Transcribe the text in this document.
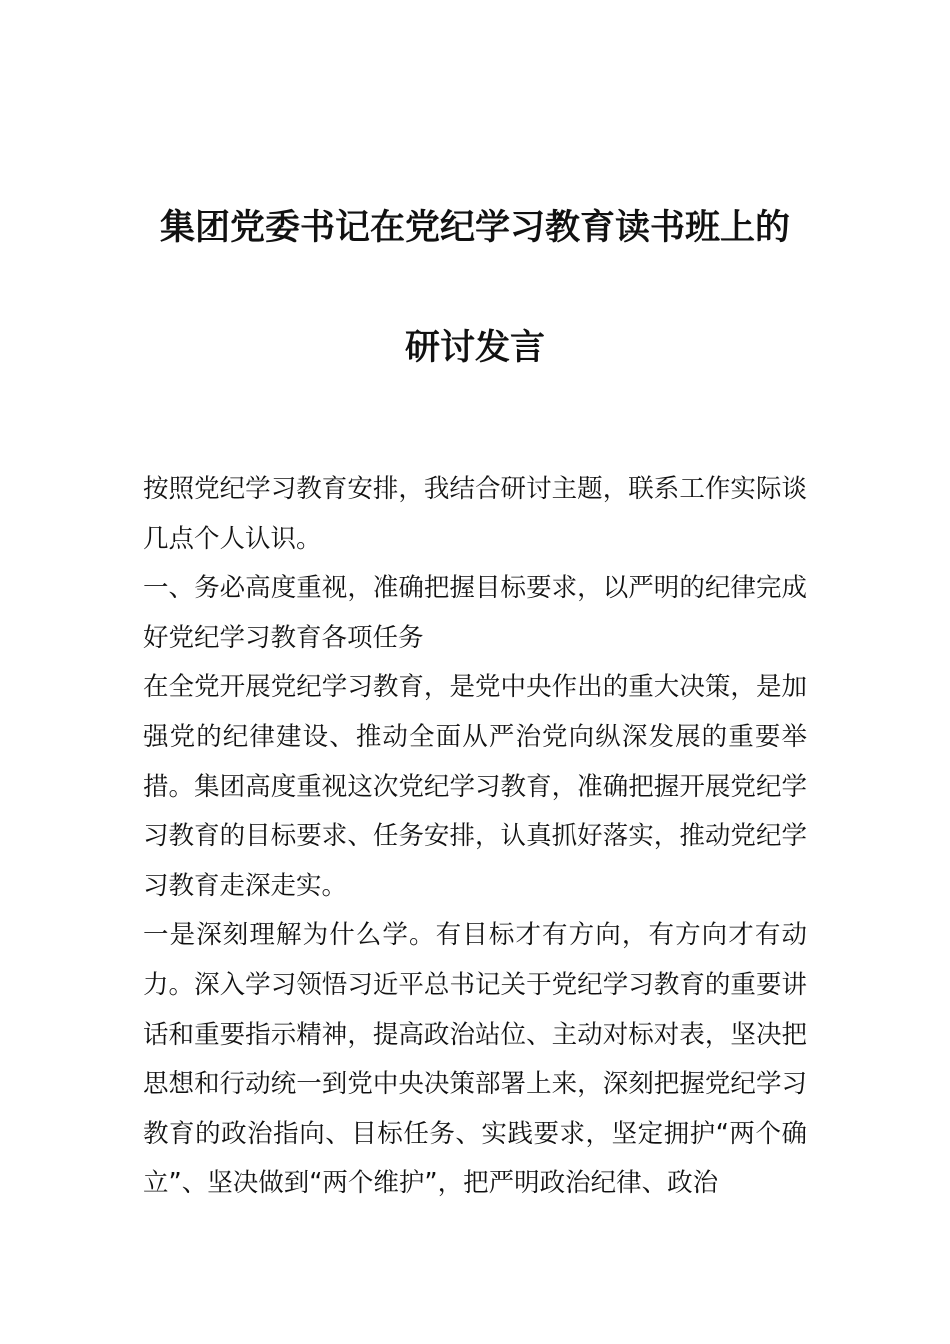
集团党委书记在党纪学习教育读书班上的
研讨发言

按照党纪学习教育安排，我结合研讨主题，联系工作实际谈几点个人认识。

一、务必高度重视，准确把握目标要求，以严明的纪律完成好党纪学习教育各项任务

在全党开展党纪学习教育，是党中央作出的重大决策，是加强党的纪律建设、推动全面从严治党向纵深发展的重要举措。集团高度重视这次党纪学习教育，准确把握开展党纪学习教育的目标要求、任务安排，认真抓好落实，推动党纪学习教育走深走实。

一是深刻理解为什么学。有目标才有方向，有方向才有动力。深入学习领悟习近平总书记关于党纪学习教育的重要讲话和重要指示精神，提高政治站位、主动对标对表，坚决把思想和行动统一到党中央决策部署上来，深刻把握党纪学习教育的政治指向、目标任务、实践要求，坚定拥护“两个确立”、坚决做到“两个维护”，把严明政治纪律、政治
